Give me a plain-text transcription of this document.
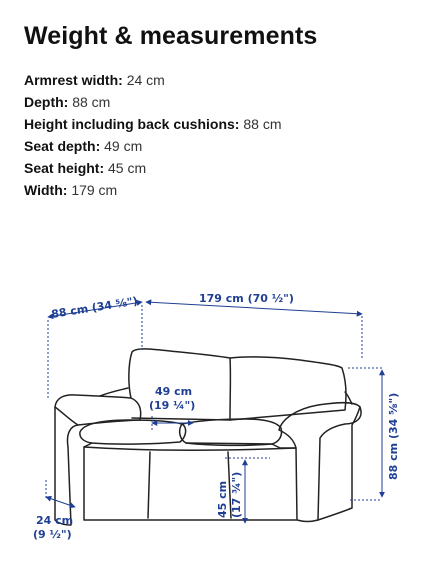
Weight & measurements
Armrest width: 24 cm
Depth: 88 cm
Height including back cushions: 88 cm
Seat depth: 49 cm
Seat height: 45 cm
Width: 179 cm
88 cm (34 ⅝")	179 cm (70 ½")
88 cm (34 ⅝")
49 cm
(19 ¼")
45 cm (17 ¾")
24 cm
(9 ½")
